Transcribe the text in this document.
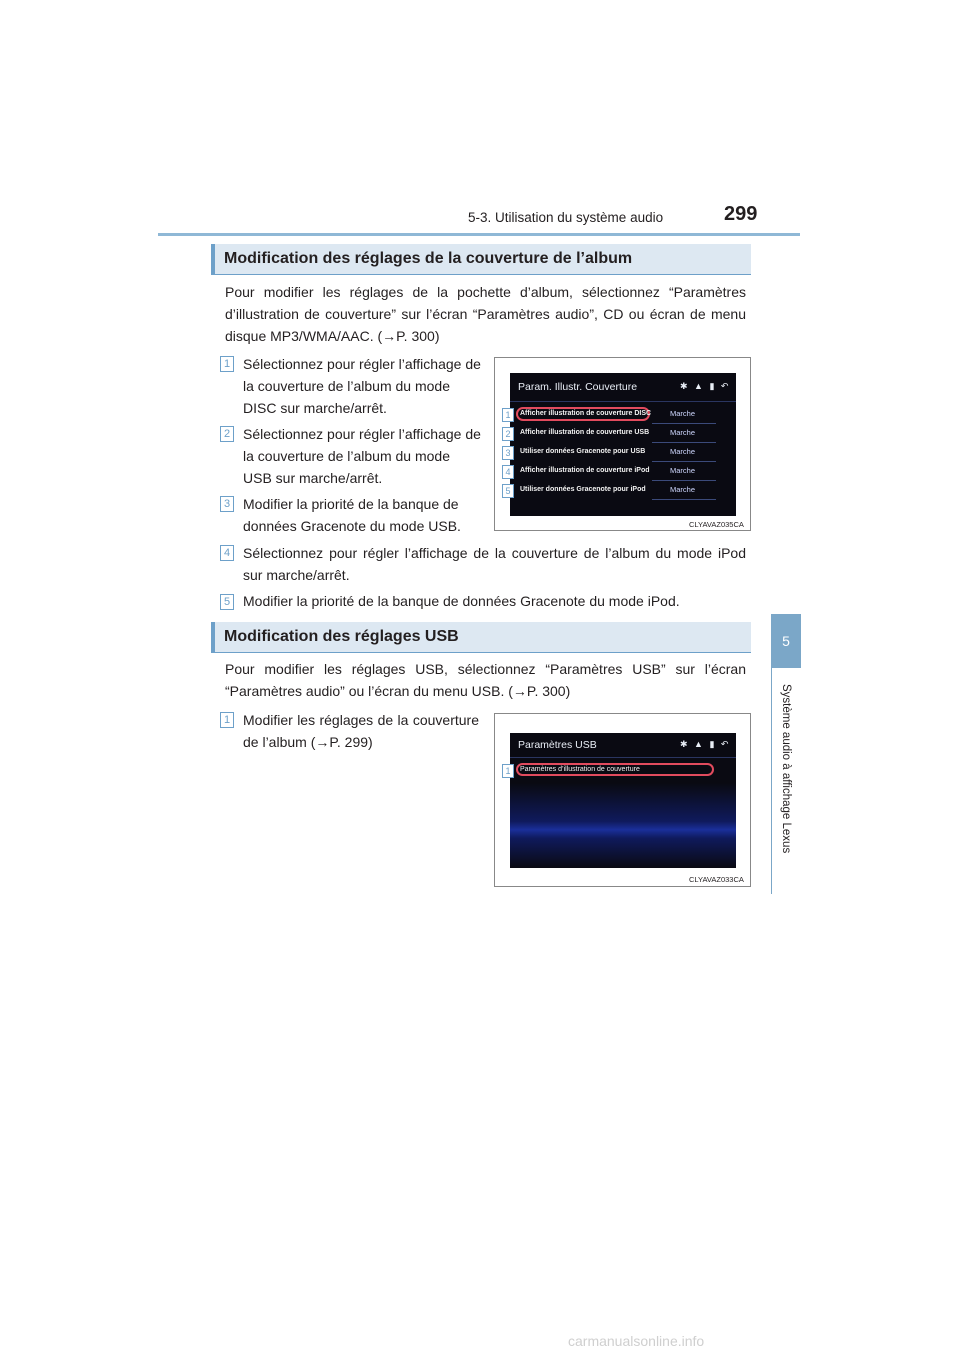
5-3. Utilisation du système audio	299
5
Système audio à affichage Lexus
Modification des réglages de la couverture de l’album
Pour modifier les réglages de la pochette d’album, sélectionnez “Paramètres d’illustration de couverture” sur l’écran “Paramètres audio”, CD ou écran de menu disque MP3/WMA/AAC. (→P. 300)
1 Sélectionnez pour régler l’affichage de la couverture de l’album du mode DISC sur marche/arrêt.
2 Sélectionnez pour régler l’affichage de la couverture de l’album du mode USB sur marche/arrêt.
3 Modifier la priorité de la banque de données Gracenote du mode USB.
4 Sélectionnez pour régler l’affichage de la couverture de l’album du mode iPod sur marche/arrêt.
5 Modifier la priorité de la banque de données Gracenote du mode iPod.
Param. Illustr. Couverture	✱ ▲ ▮ ↶
Afficher illustration de couverture DISC	Marche
Afficher illustration de couverture USB	Marche
Utiliser données Gracenote pour USB	Marche
Afficher illustration de couverture iPod	Marche
Utiliser données Gracenote pour iPod	Marche
1
2
3
4
5
CLYAVAZ035CA
Modification des réglages USB
Pour modifier les réglages USB, sélectionnez “Paramètres USB” sur l’écran “Paramètres audio” ou l’écran du menu USB. (→P. 300)
1 Modifier les réglages de la couverture de l’album (→P. 299)	Paramètres USB	✱ ▲ ▮ ↶
Paramètres d’illustration de couverture
1
CLYAVAZ033CA
carmanualsonline.info
